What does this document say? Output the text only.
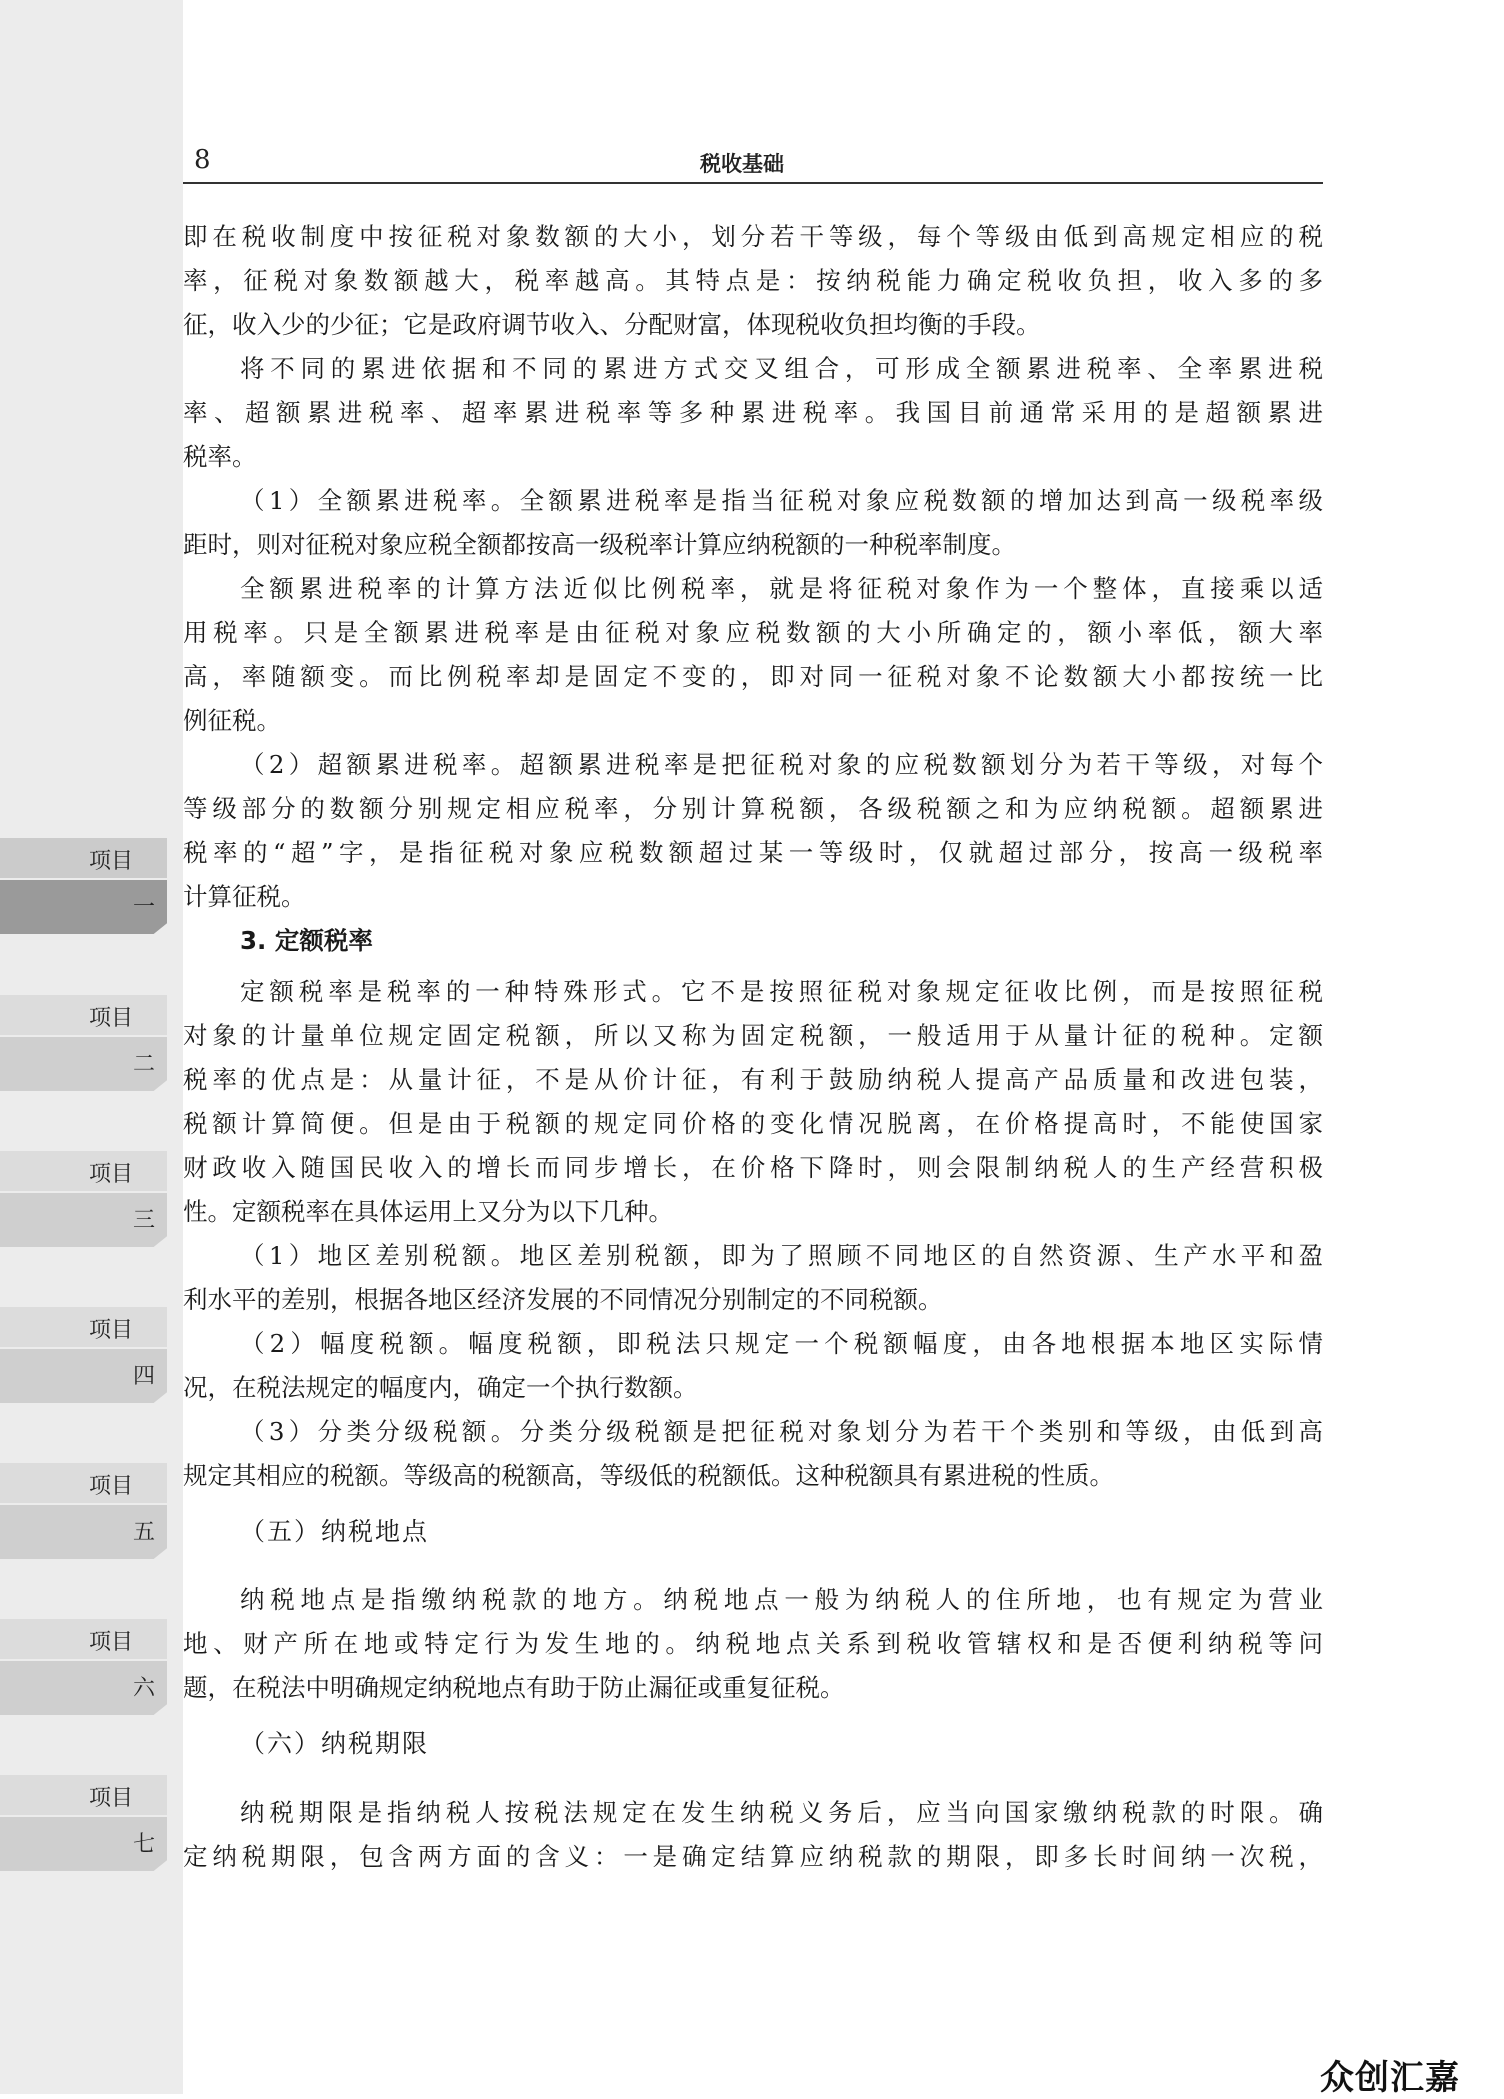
项目
一
项目
二
项目
三
项目
四
项目
五
项目
六
项目
七
8	税收基础
即在税收制度中按征税对象数额的大小，划分若干等级，每个等级由低到高规定相应的税
率，征税对象数额越大，税率越高。其特点是：按纳税能力确定税收负担，收入多的多
征，收入少的少征；它是政府调节收入、分配财富，体现税收负担均衡的手段。
将不同的累进依据和不同的累进方式交叉组合，可形成全额累进税率、全率累进税
率、超额累进税率、超率累进税率等多种累进税率。我国目前通常采用的是超额累进
税率。
（1）全额累进税率。全额累进税率是指当征税对象应税数额的增加达到高一级税率级
距时，则对征税对象应税全额都按高一级税率计算应纳税额的一种税率制度。
全额累进税率的计算方法近似比例税率，就是将征税对象作为一个整体，直接乘以适
用税率。只是全额累进税率是由征税对象应税数额的大小所确定的，额小率低，额大率
高，率随额变。而比例税率却是固定不变的，即对同一征税对象不论数额大小都按统一比
例征税。
（2）超额累进税率。超额累进税率是把征税对象的应税数额划分为若干等级，对每个
等级部分的数额分别规定相应税率，分别计算税额，各级税额之和为应纳税额。超额累进
税率的“超”字，是指征税对象应税数额超过某一等级时，仅就超过部分，按高一级税率
计算征税。
3. 定额税率
定额税率是税率的一种特殊形式。它不是按照征税对象规定征收比例，而是按照征税
对象的计量单位规定固定税额，所以又称为固定税额，一般适用于从量计征的税种。定额
税率的优点是：从量计征，不是从价计征，有利于鼓励纳税人提高产品质量和改进包装，
税额计算简便。但是由于税额的规定同价格的变化情况脱离，在价格提高时，不能使国家
财政收入随国民收入的增长而同步增长，在价格下降时，则会限制纳税人的生产经营积极
性。定额税率在具体运用上又分为以下几种。
（1）地区差别税额。地区差别税额，即为了照顾不同地区的自然资源、生产水平和盈
利水平的差别，根据各地区经济发展的不同情况分别制定的不同税额。
（2）幅度税额。幅度税额，即税法只规定一个税额幅度，由各地根据本地区实际情
况，在税法规定的幅度内，确定一个执行数额。
（3）分类分级税额。分类分级税额是把征税对象划分为若干个类别和等级，由低到高
规定其相应的税额。等级高的税额高，等级低的税额低。这种税额具有累进税的性质。
（五）纳税地点
纳税地点是指缴纳税款的地方。纳税地点一般为纳税人的住所地，也有规定为营业
地、财产所在地或特定行为发生地的。纳税地点关系到税收管辖权和是否便利纳税等问
题，在税法中明确规定纳税地点有助于防止漏征或重复征税。
（六）纳税期限
纳税期限是指纳税人按税法规定在发生纳税义务后，应当向国家缴纳税款的时限。确
定纳税期限，包含两方面的含义：一是确定结算应纳税款的期限，即多长时间纳一次税，
众创汇嘉
